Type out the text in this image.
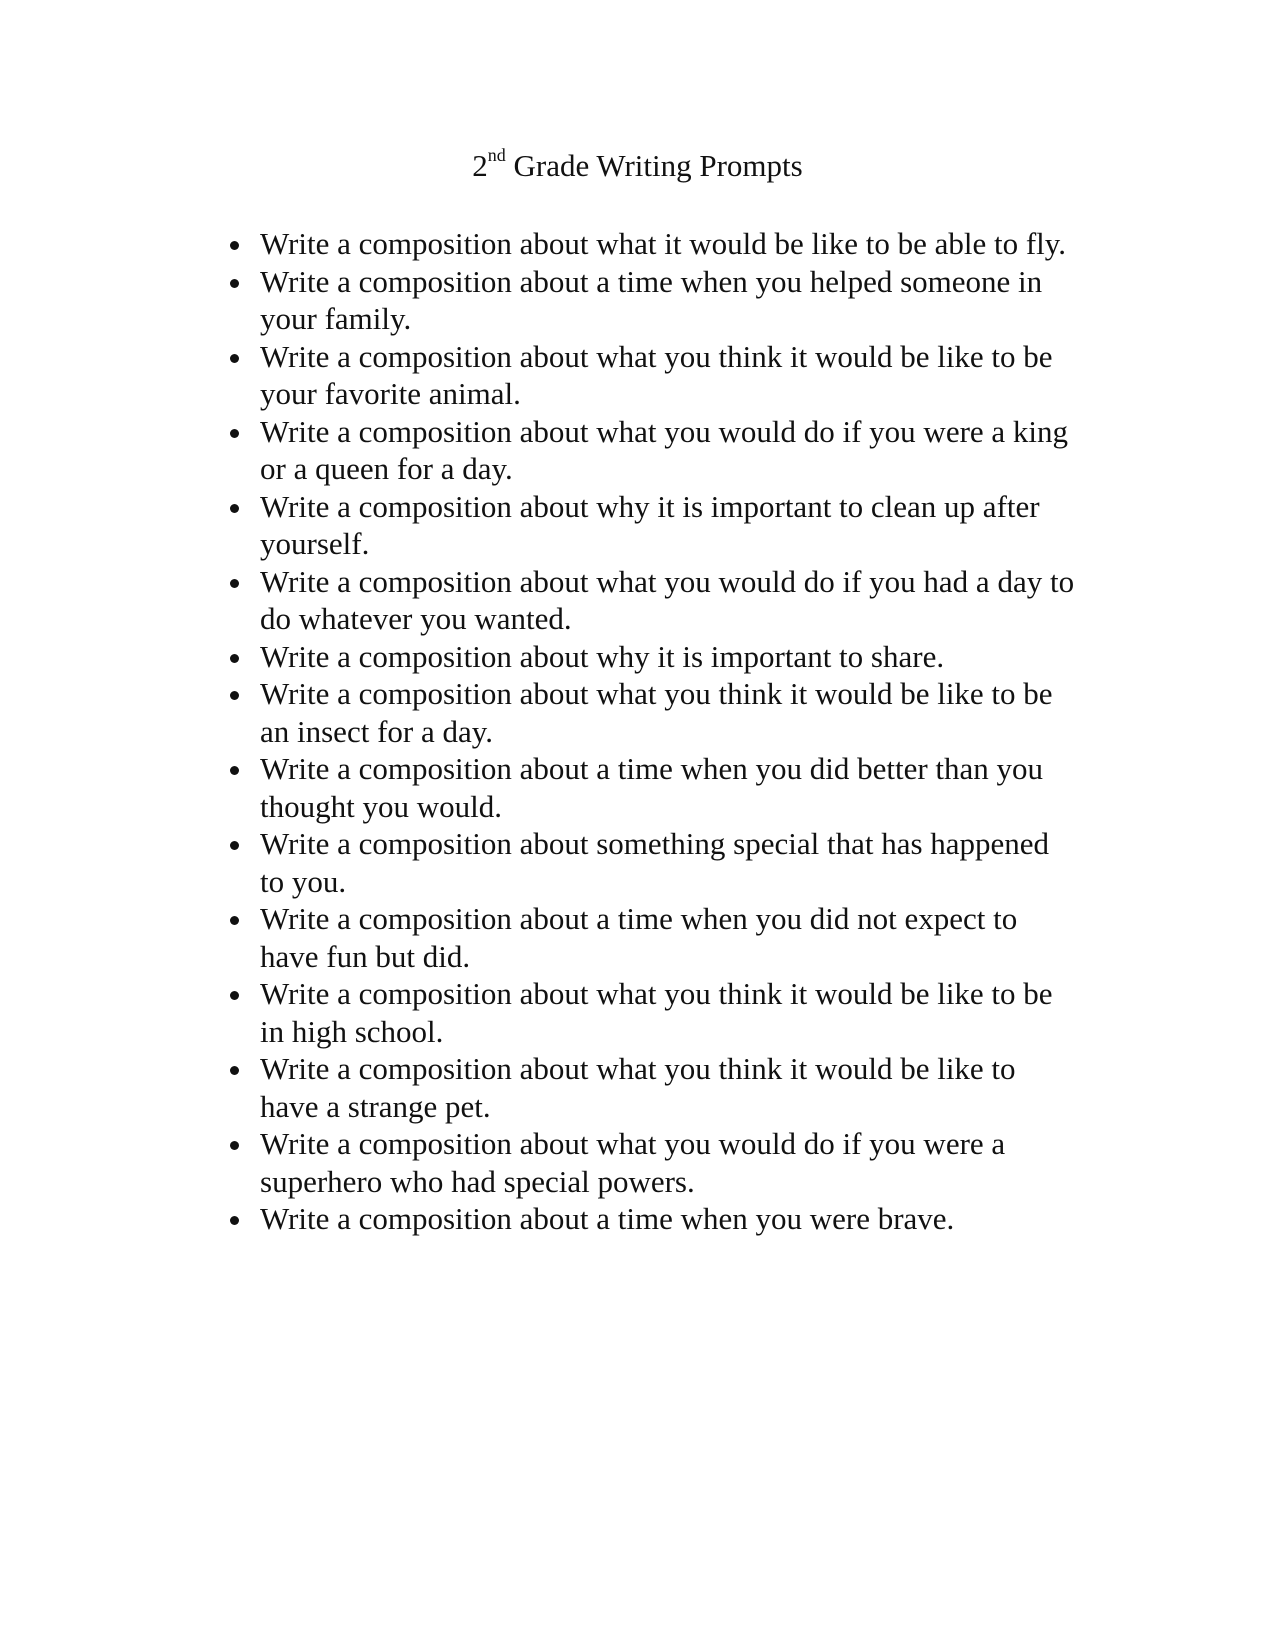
2nd Grade Writing Prompts
Write a composition about what it would be like to be able to fly.
Write a composition about a time when you helped someone in your family.
Write a composition about what you think it would be like to be your favorite animal.
Write a composition about what you would do if you were a king or a queen for a day.
Write a composition about why it is important to clean up after yourself.
Write a composition about what you would do if you had a day to do whatever you wanted.
Write a composition about why it is important to share.
Write a composition about what you think it would be like to be an insect for a day.
Write a composition about a time when you did better than you thought you would.
Write a composition about something special that has happened to you.
Write a composition about a time when you did not expect to have fun but did.
Write a composition about what you think it would be like to be in high school.
Write a composition about what you think it would be like to have a strange pet.
Write a composition about what you would do if you were a superhero who had special powers.
Write a composition about a time when you were brave.
